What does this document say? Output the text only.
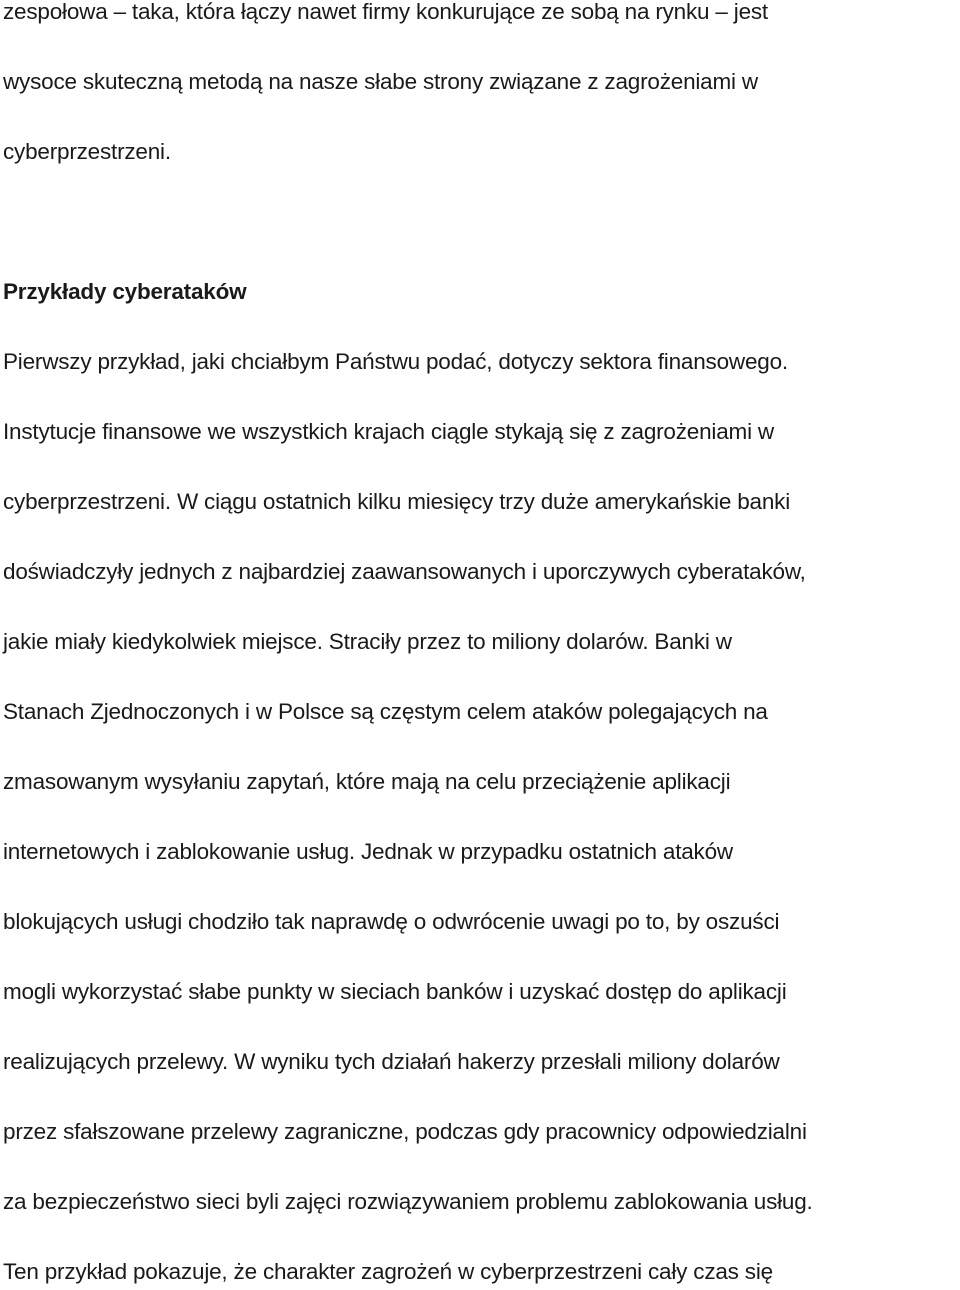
zespołowa – taka, która łączy nawet firmy konkurujące ze sobą na rynku – jest
wysoce skuteczną metodą na nasze słabe strony związane z zagrożeniami w
cyberprzestrzeni.
Przykłady cyberataków
Pierwszy przykład, jaki chciałbym Państwu podać, dotyczy sektora finansowego.
Instytucje finansowe we wszystkich krajach ciągle stykają się z zagrożeniami w
cyberprzestrzeni. W ciągu ostatnich kilku miesięcy trzy duże amerykańskie banki
doświadczyły jednych z najbardziej zaawansowanych i uporczywych cyberataków,
jakie miały kiedykolwiek miejsce. Straciły przez to miliony dolarów. Banki w
Stanach Zjednoczonych i w Polsce są częstym celem ataków polegających na
zmasowanym wysyłaniu zapytań, które mają na celu przeciążenie aplikacji
internetowych i zablokowanie usług. Jednak w przypadku ostatnich ataków
blokujących usługi chodziło tak naprawdę o odwrócenie uwagi po to, by oszuści
mogli wykorzystać słabe punkty w sieciach banków i uzyskać dostęp do aplikacji
realizujących przelewy. W wyniku tych działań hakerzy przesłali miliony dolarów
przez sfałszowane przelewy zagraniczne, podczas gdy pracownicy odpowiedzialni
za bezpieczeństwo sieci byli zajęci rozwiązywaniem problemu zablokowania usług.
Ten przykład pokazuje, że charakter zagrożeń w cyberprzestrzeni cały czas się
